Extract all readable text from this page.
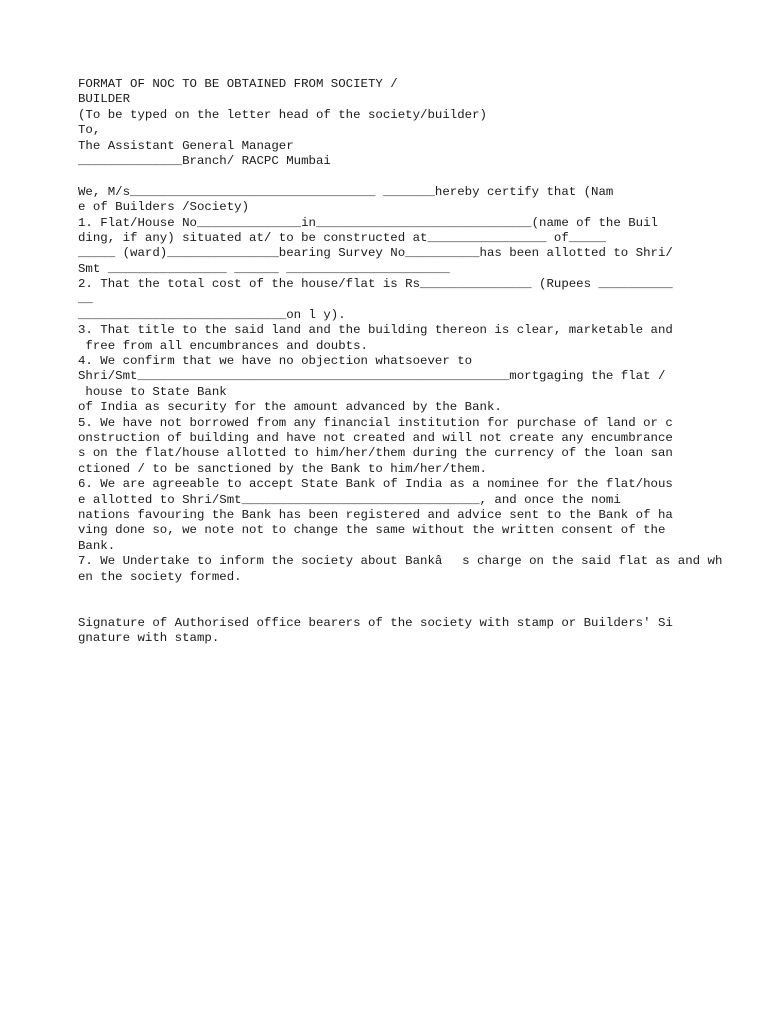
FORMAT OF NOC TO BE OBTAINED FROM SOCIETY /
BUILDER
(To be typed on the letter head of the society/builder)
To,
The Assistant General Manager
______________Branch/ RACPC Mumbai
We, M/s_________________________________ _______hereby certify that (Nam
e of Builders /Society)
1. Flat/House No______________in_____________________________(name of the Buil
ding, if any) situated at/ to be constructed at________________ of_____
_____ (ward)_______________bearing Survey No__________has been allotted to Shri/
Smt ________________ ______ ______________________
2. That the total cost of the house/flat is Rs_______________ (Rupees __________
__
____________________________on l y).
3. That title to the said land and the building thereon is clear, marketable and
free from all encumbrances and doubts.
4. We confirm that we have no objection whatsoever to
Shri/Smt__________________________________________________mortgaging the flat /
house to State Bank
of India as security for the amount advanced by the Bank.
5. We have not borrowed from any financial institution for purchase of land or c
onstruction of building and have not created and will not create any encumbrance
s on the flat/house allotted to him/her/them during the currency of the loan san
ctioned / to be sanctioned by the Bank to him/her/them.
6. We are agreeable to accept State Bank of India as a nominee for the flat/hous
e allotted to Shri/Smt________________________________, and once the nomi
nations favouring the Bank has been registered and advice sent to the Bank of ha
ving done so, we note not to change the same without the written consent of the
Bank.
7. We Undertake to inform the society about Bankâs charge on the said flat as and wh
en the society formed.
Signature of Authorised office bearers of the society with stamp or Builders' Si
gnature with stamp.
